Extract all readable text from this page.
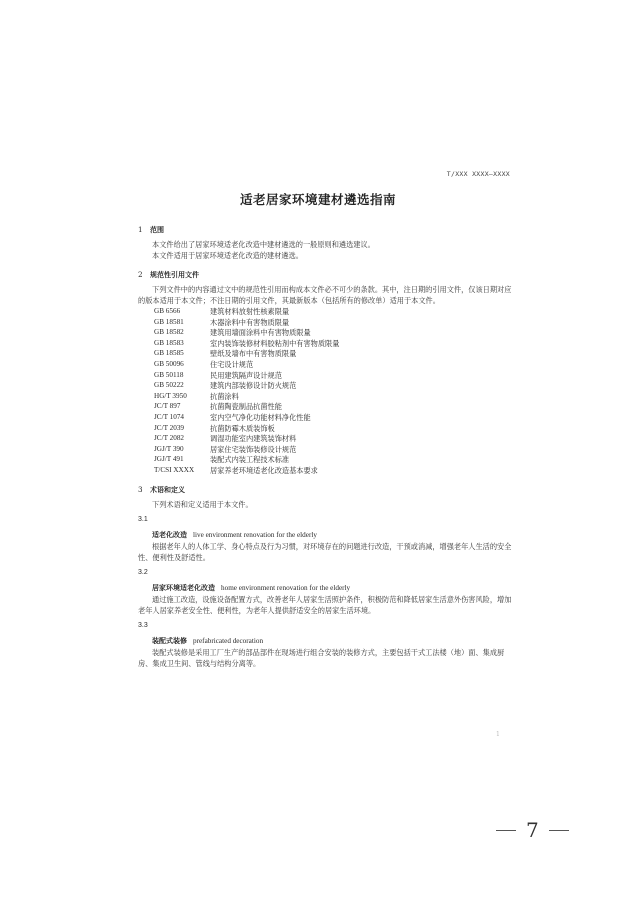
T/XXX XXXX—XXXX
适老居家环境建材遴选指南
1	范围

本文件给出了居家环境适老化改造中建材遴选的一般原则和遴选建议。

本文件适用于居家环境适老化改造的建材遴选。

2	规范性引用文件

下列文件中的内容通过文中的规范性引用而构成本文件必不可少的条款。其中，注日期的引用文件，仅该日期对应的版本适用于本文件；不注日期的引用文件，其最新版本（包括所有的修改单）适用于本文件。

GB 6566	建筑材料放射性核素限量
GB 18581	木器涂料中有害物质限量
GB 18582	建筑用墙面涂料中有害物质限量
GB 18583	室内装饰装修材料胶粘剂中有害物质限量
GB 18585	壁纸及墙布中有害物质限量
GB 50096	住宅设计规范
GB 50118	民用建筑隔声设计规范
GB 50222	建筑内部装修设计防火规范
HG/T 3950	抗菌涂料
JC/T 897	抗菌陶瓷制品抗菌性能
JC/T 1074	室内空气净化功能材料净化性能
JC/T 2039	抗菌防霉木质装饰板
JC/T 2082	调湿功能室内建筑装饰材料
JGJ/T 390	居家住宅装饰装修设计规范
JGJ/T 491	装配式内装工程技术标准
T/CSI XXXX	居家养老环境适老化改造基本要求
3	术语和定义

下列术语和定义适用于本文件。

3.1

适老化改造 live environment renovation for the elderly

根据老年人的人体工学、身心特点及行为习惯，对环境存在的问题进行改造，干预或消减，增强老年人生活的安全性、便利性及舒适性。

3.2

居家环境适老化改造 home environment renovation for the elderly

通过施工改造，设施设备配置方式，改善老年人居家生活照护条件，积极防范和降低居家生活意外伤害风险，增加老年人居家养老安全性、便利性，为老年人提供舒适安全的居家生活环境。

3.3

装配式装修 prefabricated decoration

装配式装修是采用工厂生产的部品部件在现场进行组合安装的装修方式，主要包括干式工法楼（地）面、集成厨房、集成卫生间、管线与结构分离等。

1
7
